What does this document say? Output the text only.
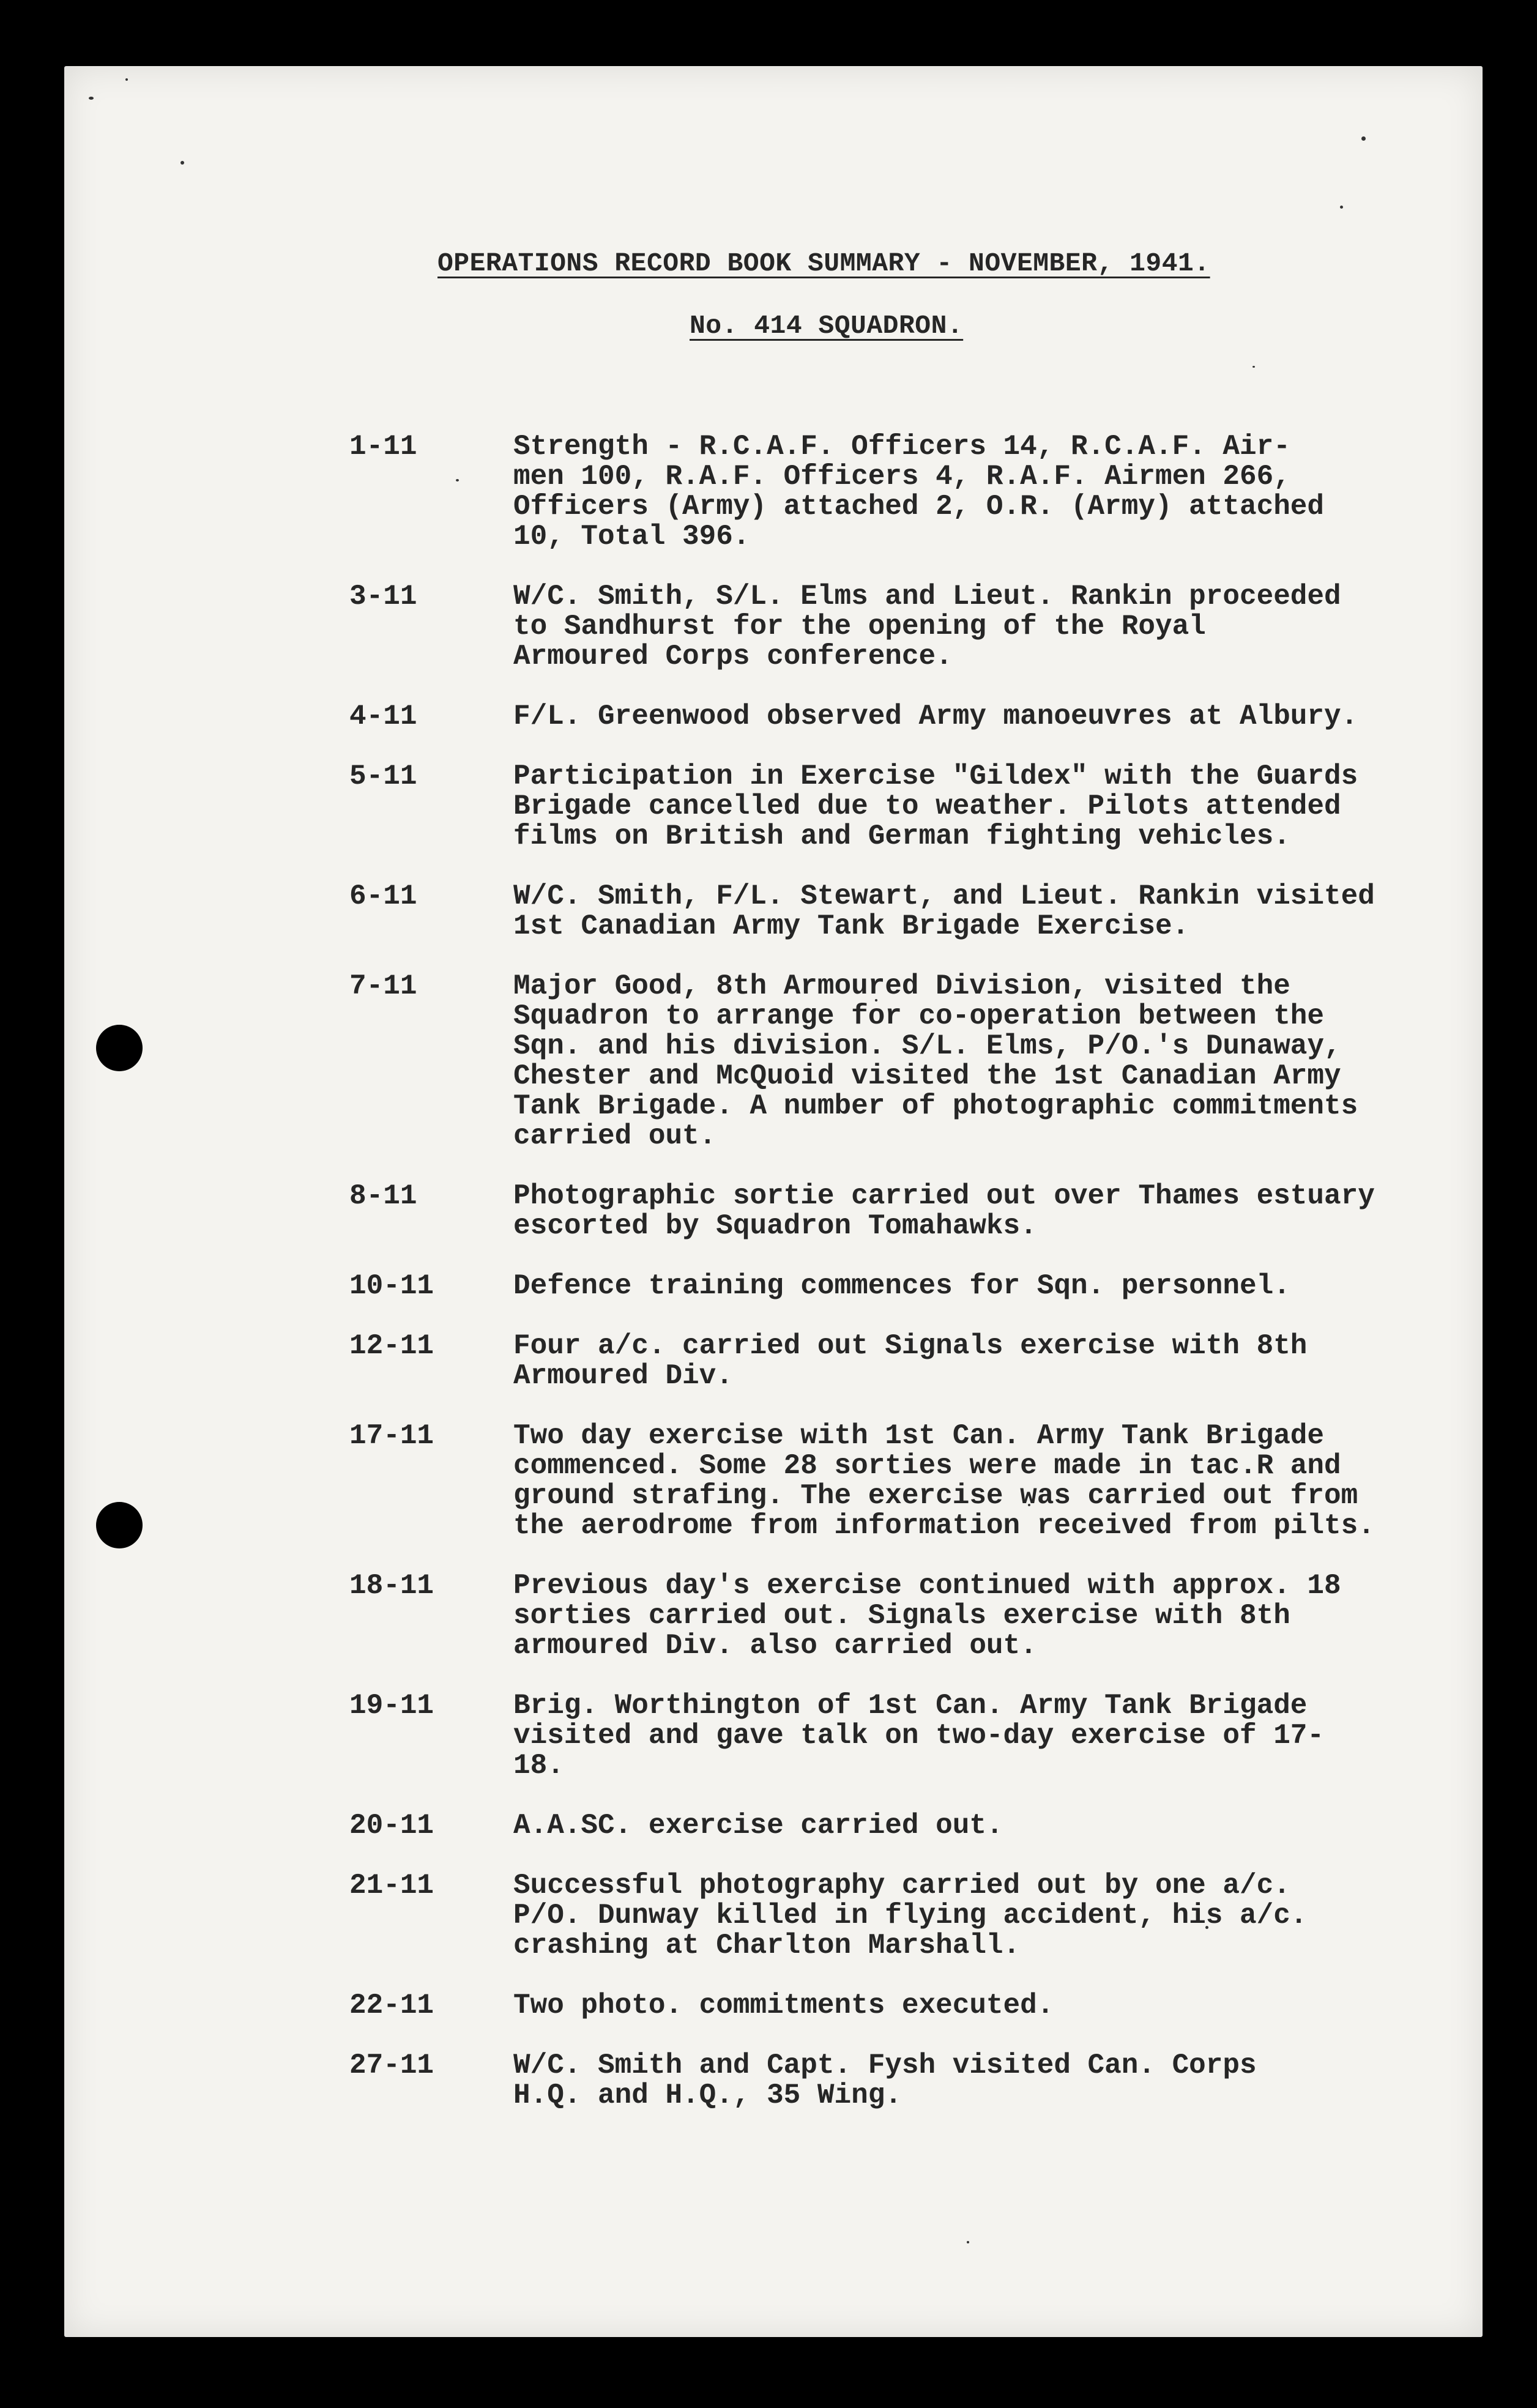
OPERATIONS RECORD BOOK SUMMARY - NOVEMBER, 1941.
No. 414 SQUADRON.
1-11	Strength - R.C.A.F. Officers 14, R.C.A.F. Air-
men 100, R.A.F. Officers 4, R.A.F. Airmen 266,
Officers (Army) attached 2, O.R. (Army) attached
10, Total 396.
3-11	W/C. Smith, S/L. Elms and Lieut. Rankin proceeded
to Sandhurst for the opening of the Royal
Armoured Corps conference.
4-11	F/L. Greenwood observed Army manoeuvres at Albury.
5-11	Participation in Exercise "Gildex" with the Guards
Brigade cancelled due to weather. Pilots attended
films on British and German fighting vehicles.
6-11	W/C. Smith, F/L. Stewart, and Lieut. Rankin visited
1st Canadian Army Tank Brigade Exercise.
7-11	Major Good, 8th Armoured Division, visited the
Squadron to arrange for co-operation between the
Sqn. and his division. S/L. Elms, P/O.'s Dunaway,
Chester and McQuoid visited the 1st Canadian Army
Tank Brigade. A number of photographic commitments
carried out.
8-11	Photographic sortie carried out over Thames estuary
escorted by Squadron Tomahawks.
10-11	Defence training commences for Sqn. personnel.
12-11	Four a/c. carried out Signals exercise with 8th
Armoured Div.
17-11	Two day exercise with 1st Can. Army Tank Brigade
commenced. Some 28 sorties were made in tac.R and
ground strafing. The exercise was carried out from
the aerodrome from information received from pilts.
18-11	Previous day's exercise continued with approx. 18
sorties carried out. Signals exercise with 8th
armoured Div. also carried out.
19-11	Brig. Worthington of 1st Can. Army Tank Brigade
visited and gave talk on two-day exercise of 17-
18.
20-11	A.A.SC. exercise carried out.
21-11	Successful photography carried out by one a/c.
P/O. Dunway killed in flying accident, his a/c.
crashing at Charlton Marshall.
22-11	Two photo. commitments executed.
27-11	W/C. Smith and Capt. Fysh visited Can. Corps
H.Q. and H.Q., 35 Wing.
